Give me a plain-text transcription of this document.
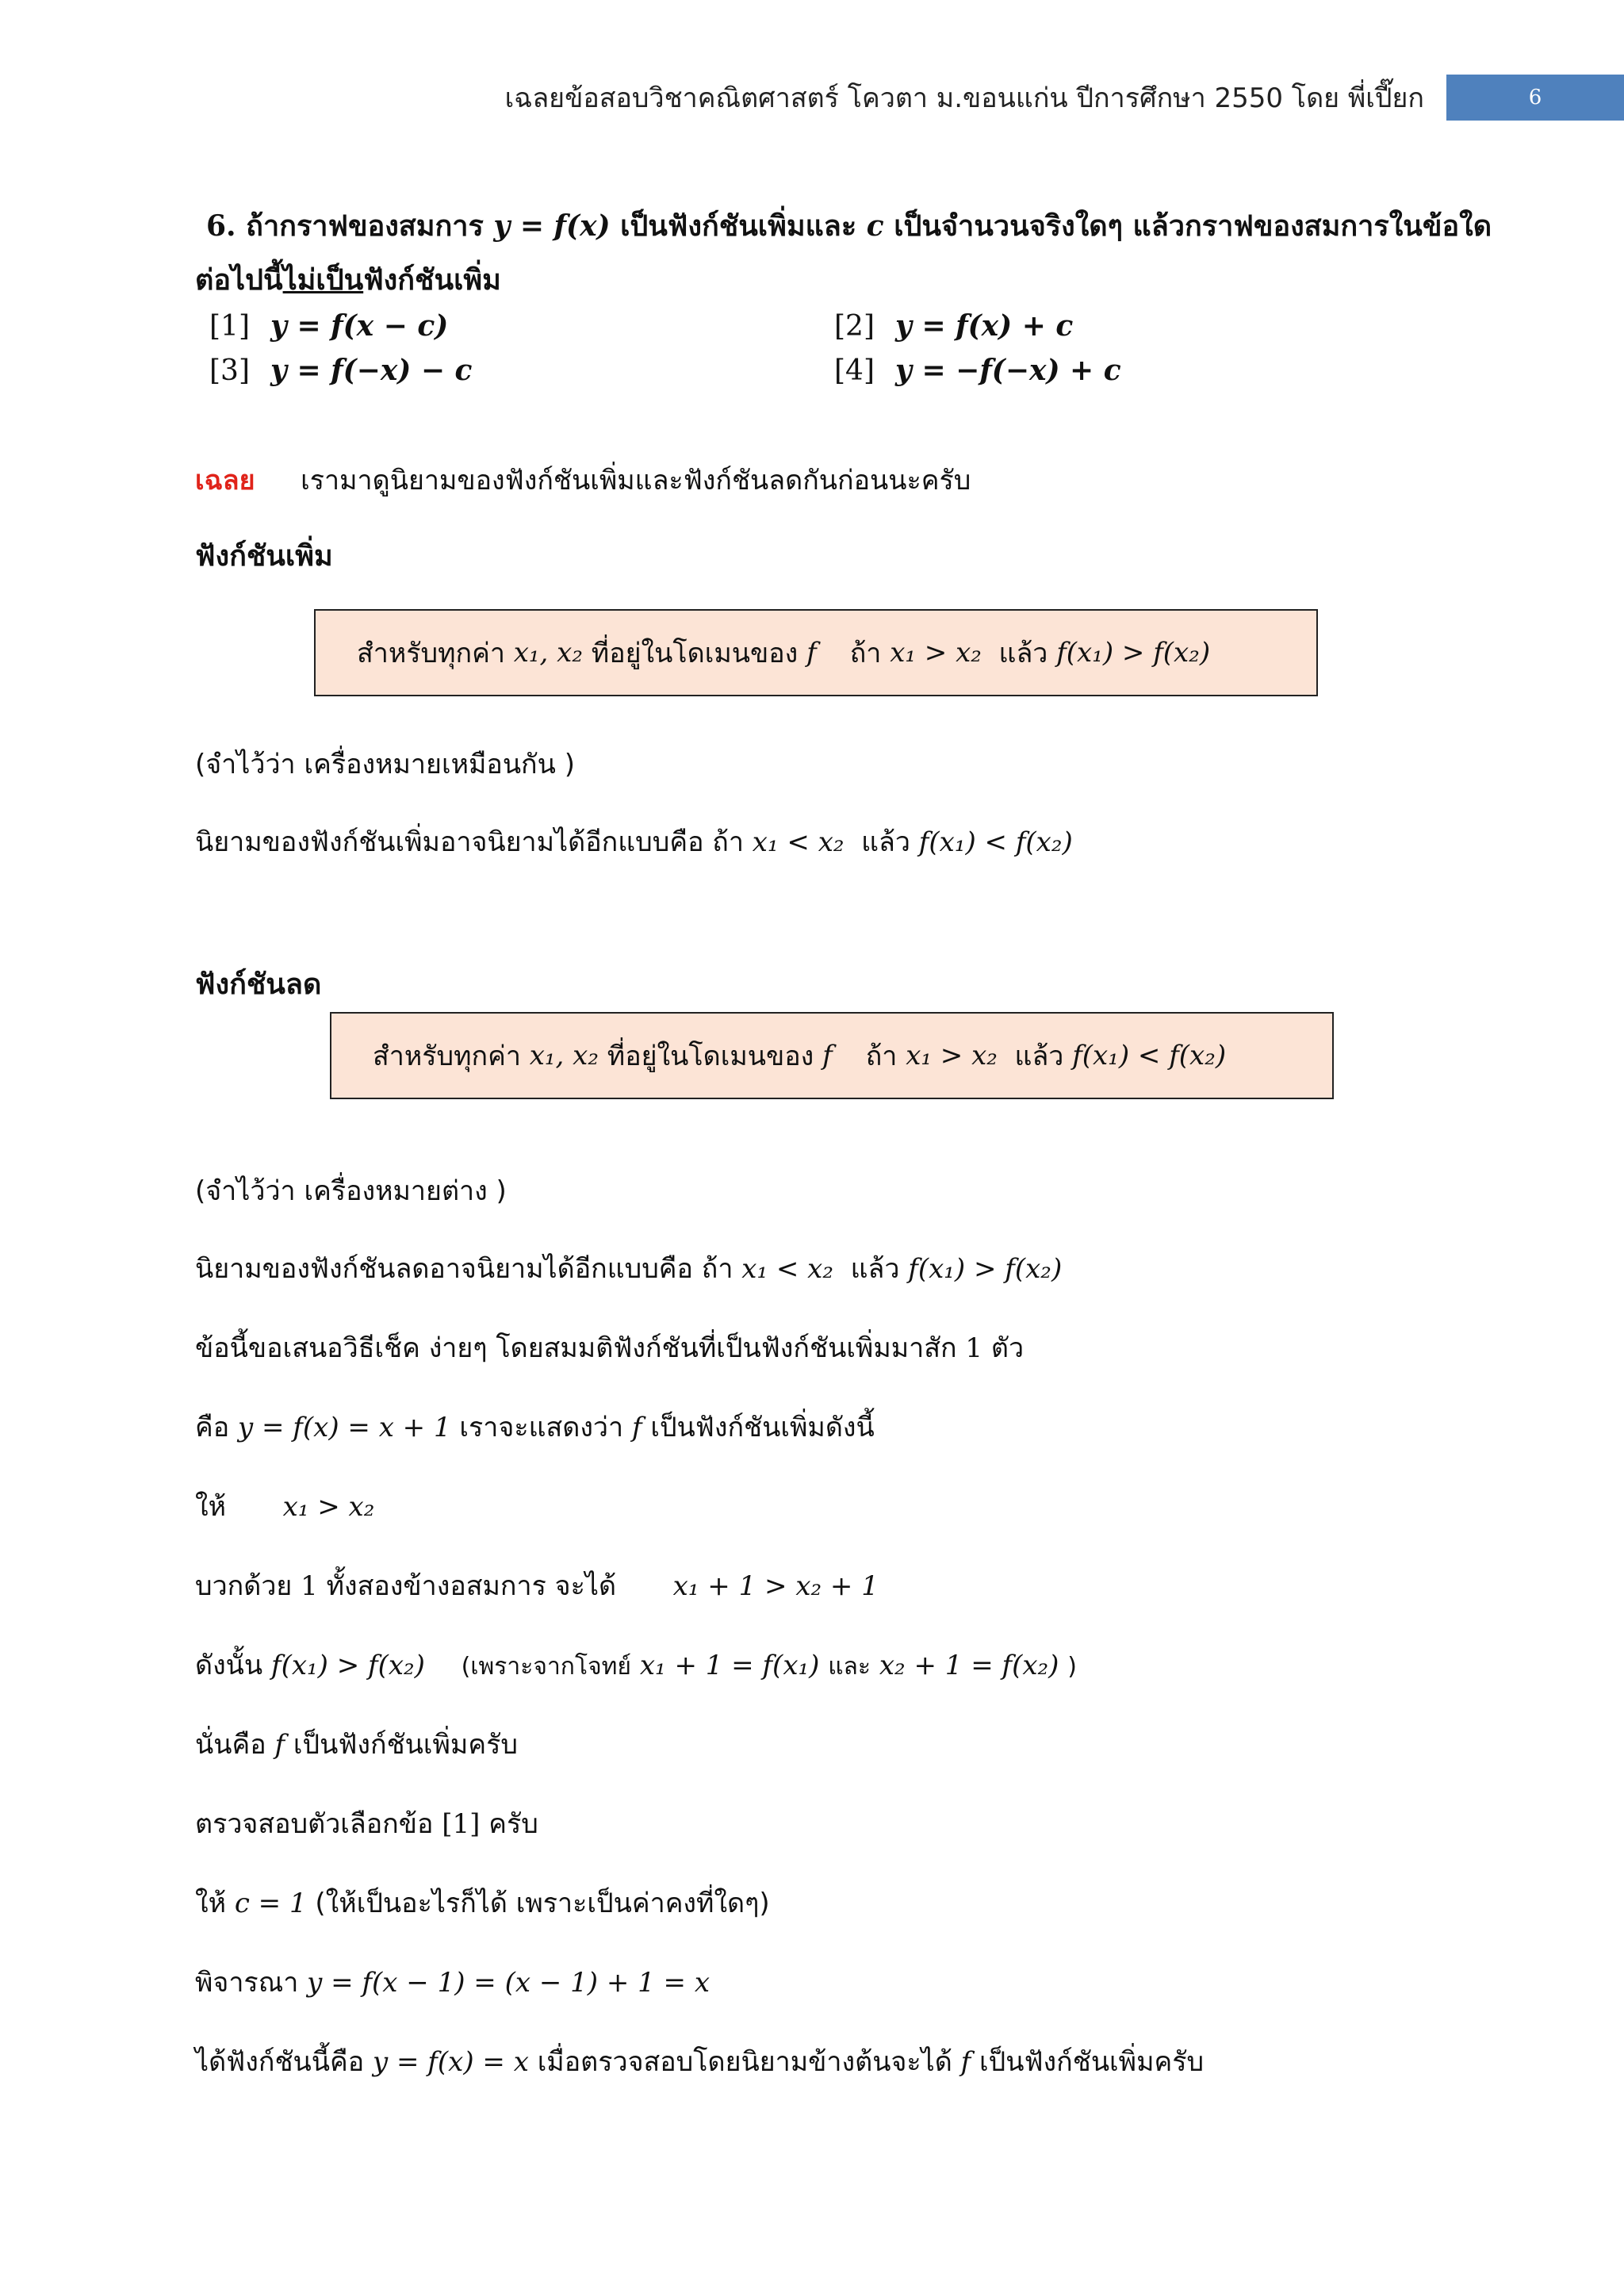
เฉลยข้อสอบวิชาคณิตศาสตร์ โควตา ม.ขอนแก่น ปีการศึกษา 2550 โดย พี่เปี๊ยก	6
6. ถ้ากราฟของสมการ y = f(x) เป็นฟังก์ชันเพิ่มและ c เป็นจำนวนจริงใดๆ แล้วกราฟของสมการในข้อใด
ต่อไปนี้ไม่เป็นฟังก์ชันเพิ่ม
[1] y = f(x − c)	[2] y = f(x) + c
[3] y = f(−x) − c	[4] y = −f(−x) + c
เฉลย เรามาดูนิยามของฟังก์ชันเพิ่มและฟังก์ชันลดกันก่อนนะครับ
ฟังก์ชันเพิ่ม
สำหรับทุกค่า
x₁, x₂
ที่อยู่ในโดเมนของ
f ถ้า
x₁ > x₂
แล้ว
f(x₁) > f(x₂)
(จำไว้ว่า เครื่องหมายเหมือนกัน )
นิยามของฟังก์ชันเพิ่มอาจนิยามได้อีกแบบคือ ถ้า x₁ < x₂ แล้ว f(x₁) < f(x₂)
ฟังก์ชันลด
สำหรับทุกค่า
x₁, x₂
ที่อยู่ในโดเมนของ
f ถ้า
x₁ > x₂
แล้ว
f(x₁) < f(x₂)
(จำไว้ว่า เครื่องหมายต่าง )
นิยามของฟังก์ชันลดอาจนิยามได้อีกแบบคือ ถ้า x₁ < x₂ แล้ว f(x₁) > f(x₂)
ข้อนี้ขอเสนอวิธีเช็ค ง่ายๆ โดยสมมติฟังก์ชันที่เป็นฟังก์ชันเพิ่มมาสัก 1 ตัว
คือ y = f(x) = x + 1 เราจะแสดงว่า f เป็นฟังก์ชันเพิ่มดังนี้
ให้ x₁ > x₂
บวกด้วย 1 ทั้งสองข้างอสมการ จะได้ x₁ + 1 > x₂ + 1
ดังนั้น f(x₁) > f(x₂) (เพราะจากโจทย์ x₁ + 1 = f(x₁) และ x₂ + 1 = f(x₂) )
นั่นคือ f เป็นฟังก์ชันเพิ่มครับ
ตรวจสอบตัวเลือกข้อ [1] ครับ
ให้ c = 1 (ให้เป็นอะไรก็ได้ เพราะเป็นค่าคงที่ใดๆ)
พิจารณา y = f(x − 1) = (x − 1) + 1 = x
ได้ฟังก์ชันนี้คือ y = f(x) = x เมื่อตรวจสอบโดยนิยามข้างต้นจะได้ f เป็นฟังก์ชันเพิ่มครับ
